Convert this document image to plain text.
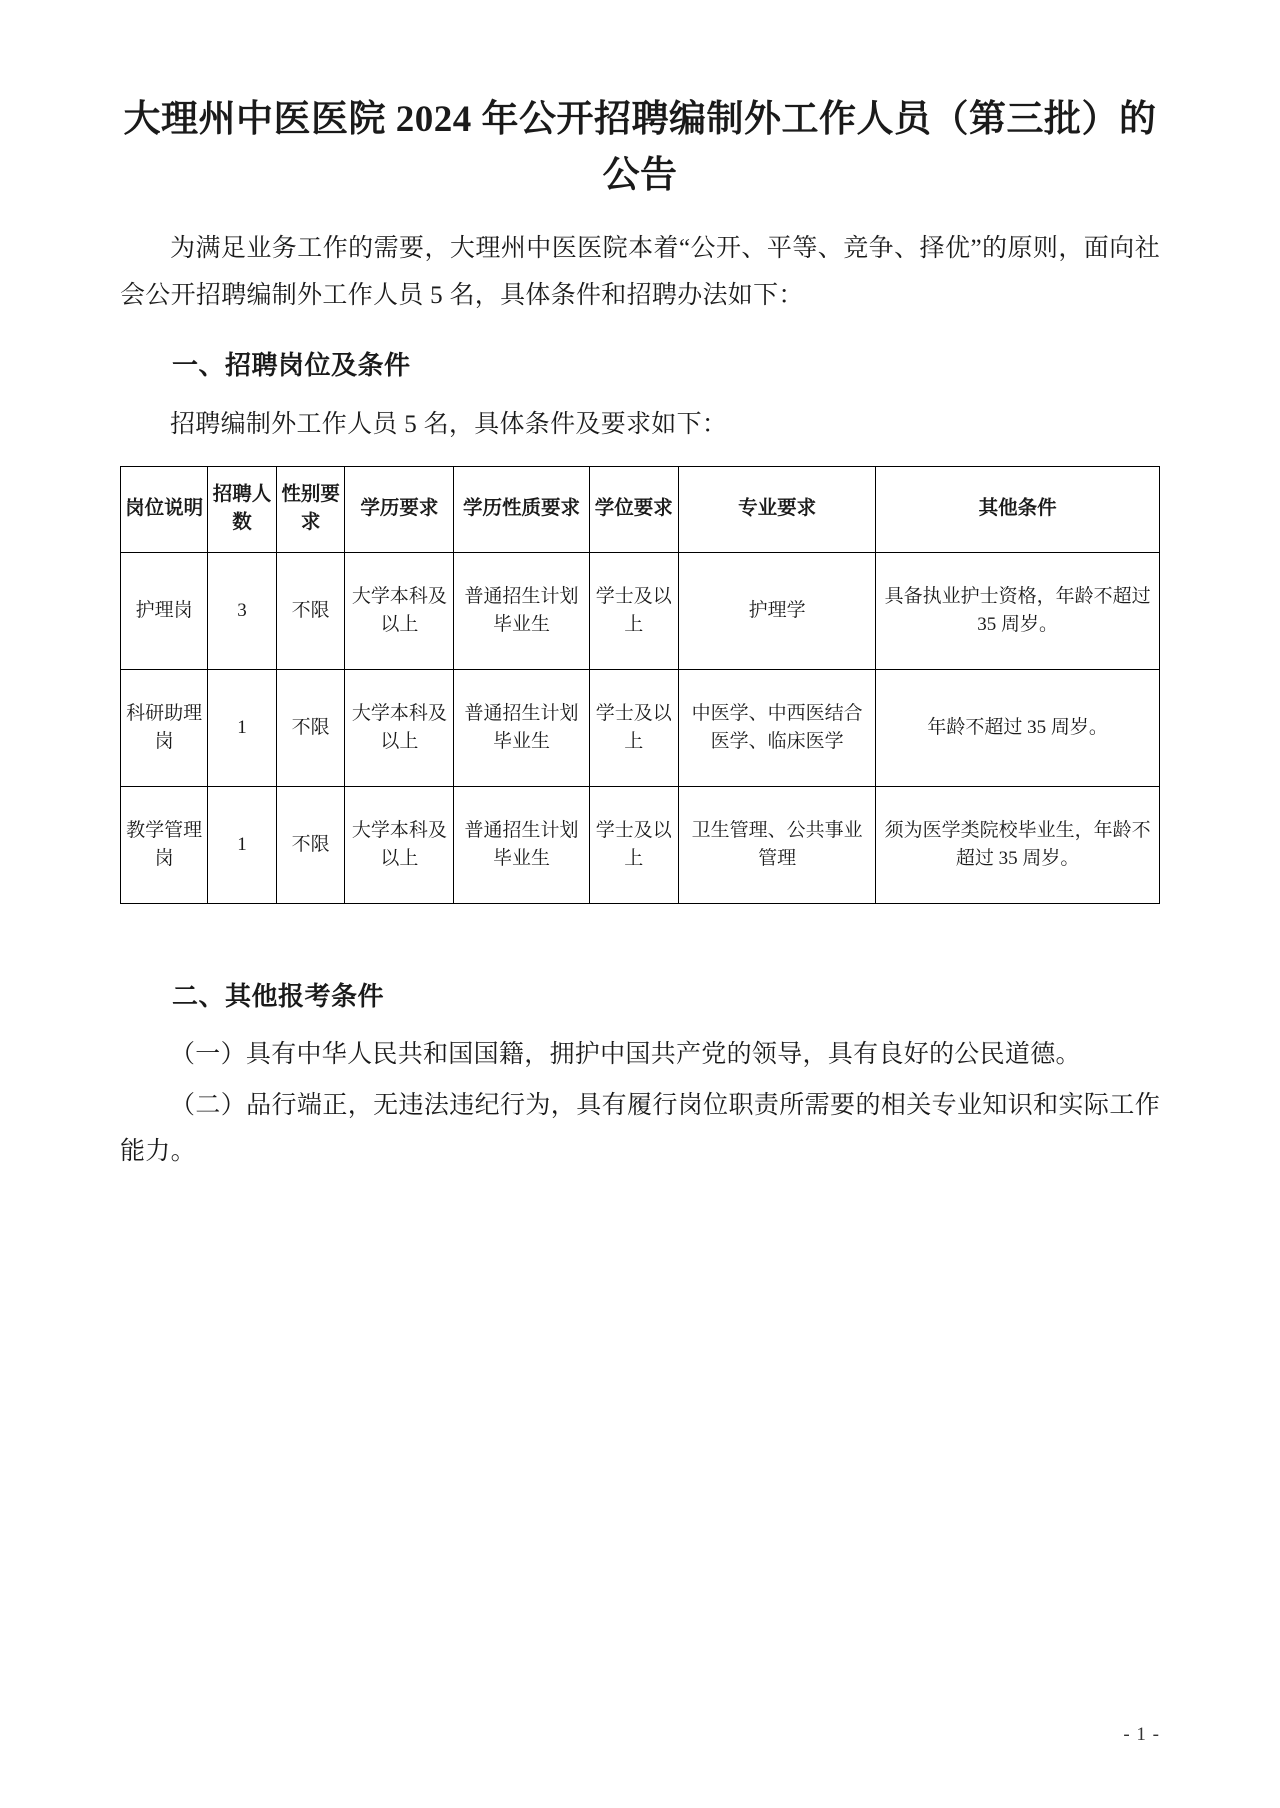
大理州中医医院 2024 年公开招聘编制外工作人员（第三批）的公告

为满足业务工作的需要，大理州中医医院本着“公开、平等、竞争、择优”的原则，面向社会公开招聘编制外工作人员 5 名，具体条件和招聘办法如下：

一、招聘岗位及条件

招聘编制外工作人员 5 名，具体条件及要求如下：

岗位说明	招聘人数	性别要求	学历要求	学历性质要求	学位要求	专业要求	其他条件
护理岗	3	不限	大学本科及以上	普通招生计划毕业生	学士及以上	护理学	具备执业护士资格，年龄不超过 35 周岁。
科研助理岗	1	不限	大学本科及以上	普通招生计划毕业生	学士及以上	中医学、中西医结合医学、临床医学	年龄不超过 35 周岁。
教学管理岗	1	不限	大学本科及以上	普通招生计划毕业生	学士及以上	卫生管理、公共事业管理	须为医学类院校毕业生，年龄不超过 35 周岁。
二、其他报考条件

（一）具有中华人民共和国国籍，拥护中国共产党的领导，具有良好的公民道德。

（二）品行端正，无违法违纪行为，具有履行岗位职责所需要的相关专业知识和实际工作能力。

- 1 -
